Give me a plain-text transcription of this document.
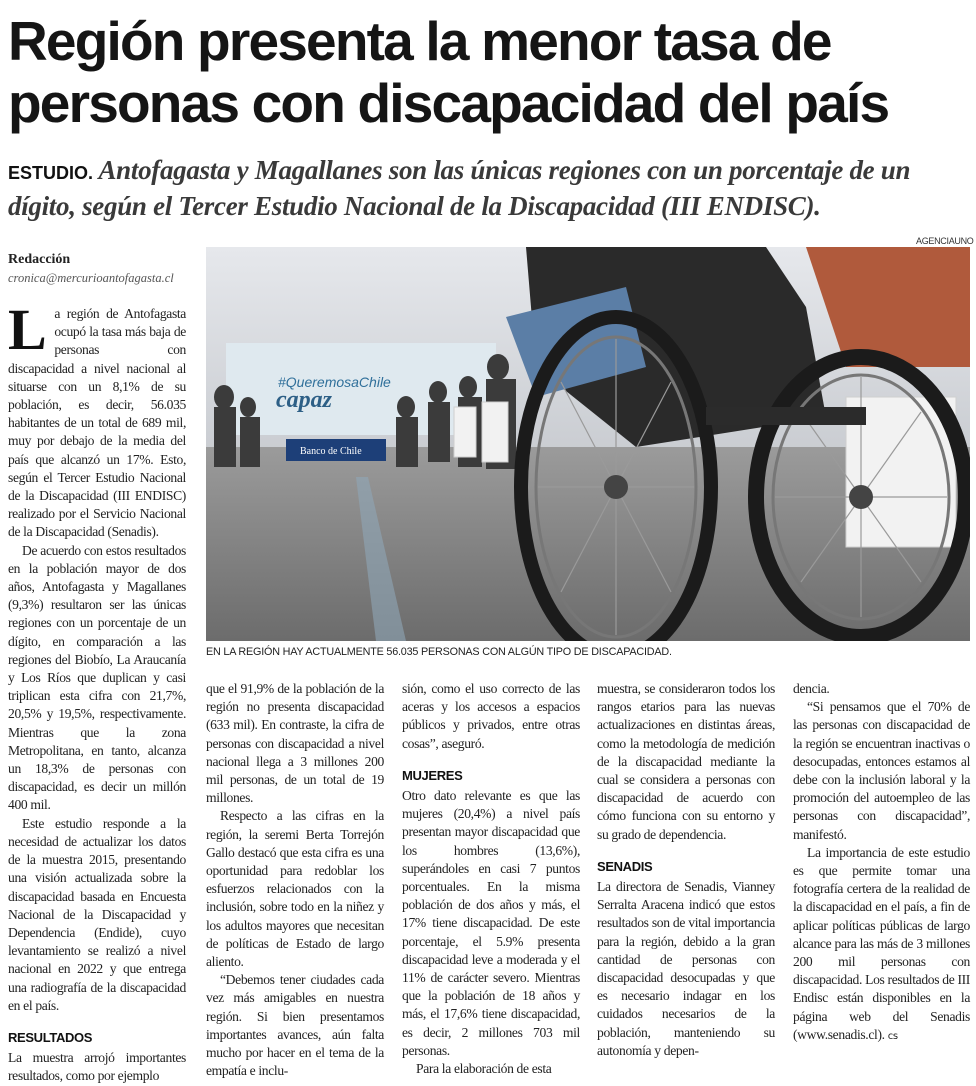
Región presenta la menor tasa de
personas con discapacidad del país

ESTUDIO. Antofagasta y Magallanes son las únicas regiones con un porcentaje de un dígito, según el Tercer Estudio Nacional de la Discapacidad (III ENDISC).

AGENCIAUNO
Redacción
cronica@mercurioantofagasta.cl

La región de Antofagasta ocupó la tasa más baja de personas con discapacidad a nivel nacional al situarse con un 8,1% de su población, es decir, 56.035 habitantes de un total de 689 mil, muy por debajo de la media del país que alcanzó un 17%. Esto, según el Tercer Estudio Nacional de la Discapacidad (III ENDISC) realizado por el Servicio Nacional de la Discapacidad (Senadis).

De acuerdo con estos resultados en la población mayor de dos años, Antofagasta y Magallanes (9,3%) resultaron ser las únicas regiones con un porcentaje de un dígito, en comparación a las regiones del Biobío, La Araucanía y Los Ríos que duplican y casi triplican esta cifra con 21,7%, 20,5% y 19,5%, respectivamente. Mientras que la zona Metropolitana, en tanto, alcanza un 18,3% de personas con discapacidad, es decir un millón 400 mil.

Este estudio responde a la necesidad de actualizar los datos de la muestra 2015, presentando una visión actualizada sobre la discapacidad basada en Encuesta Nacional de la Discapacidad y Dependencia (Endide), cuyo levantamiento se realizó a nivel nacional en 2022 y que entrega una radiografía de la discapacidad en el país.

RESULTADOS

La muestra arrojó importantes resultados, como por ejemplo

#QueremosaChile
capaz
Banco de Chile
EN LA REGIÓN HAY ACTUALMENTE 56.035 PERSONAS CON ALGÚN TIPO DE DISCAPACIDAD.

que el 91,9% de la población de la región no presenta discapacidad (633 mil). En contraste, la cifra de personas con discapacidad a nivel nacional llega a 3 millones 200 mil personas, de un total de 19 millones.

Respecto a las cifras en la región, la seremi Berta Torrejón Gallo destacó que esta cifra es una oportunidad para redoblar los esfuerzos relacionados con la inclusión, sobre todo en la niñez y los adultos mayores que necesitan de políticas de Estado de largo aliento.

“Debemos tener ciudades cada vez más amigables en nuestra región. Si bien presentamos importantes avances, aún falta mucho por hacer en el tema de la empatía e inclu-

sión, como el uso correcto de las aceras y los accesos a espacios públicos y privados, entre otras cosas”, aseguró.

MUJERES

Otro dato relevante es que las mujeres (20,4%) a nivel país presentan mayor discapacidad que los hombres (13,6%), superándoles en casi 7 puntos porcentuales. En la misma población de dos años y más, el 17% tiene discapacidad. De este porcentaje, el 5.9% presenta discapacidad leve a moderada y el 11% de carácter severo. Mientras que la población de 18 años y más, el 17,6% tiene discapacidad, es decir, 2 millones 703 mil personas.

Para la elaboración de esta

muestra, se consideraron todos los rangos etarios para las nuevas actualizaciones en distintas áreas, como la metodología de medición de la discapacidad mediante la cual se considera a personas con discapacidad de acuerdo con cómo funciona con su entorno y su grado de dependencia.

SENADIS

La directora de Senadis, Vianney Serralta Aracena indicó que estos resultados son de vital importancia para la región, debido a la gran cantidad de personas con discapacidad desocupadas y que es necesario indagar en los cuidados necesarios de la población, manteniendo su autonomía y depen-

dencia.

“Si pensamos que el 70% de las personas con discapacidad de la región se encuentran inactivas o desocupadas, entonces estamos al debe con la inclusión laboral y la promoción del autoempleo de las personas con discapacidad”, manifestó.

La importancia de este estudio es que permite tomar una fotografía certera de la realidad de la discapacidad en el país, a fin de aplicar políticas públicas de largo alcance para las más de 3 millones 200 mil personas con discapacidad. Los resultados de III Endisc están disponibles en la página web del Senadis (www.senadis.cl). cs
